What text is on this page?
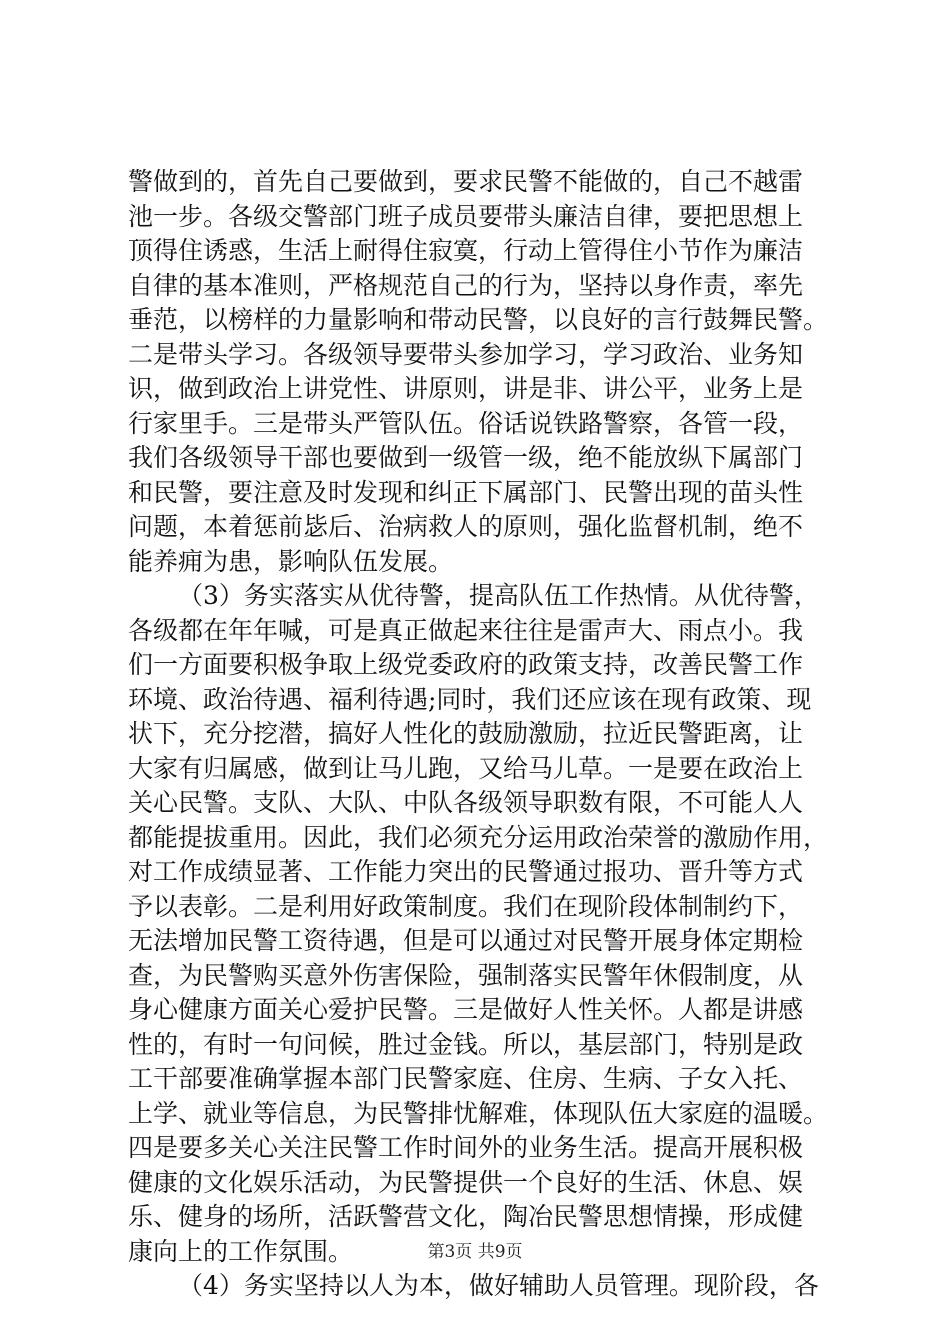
警做到的，首先自己要做到，要求民警不能做的，自己不越雷
池一步。各级交警部门班子成员要带头廉洁自律，要把思想上
顶得住诱惑，生活上耐得住寂寞，行动上管得住小节作为廉洁
自律的基本准则，严格规范自己的行为，坚持以身作责，率先
垂范，以榜样的力量影响和带动民警，以良好的言行鼓舞民警。
二是带头学习。各级领导要带头参加学习，学习政治、业务知
识，做到政治上讲党性、讲原则，讲是非、讲公平，业务上是
行家里手。三是带头严管队伍。俗话说铁路警察，各管一段，
我们各级领导干部也要做到一级管一级，绝不能放纵下属部门
和民警，要注意及时发现和纠正下属部门、民警出现的苗头性
问题，本着惩前毖后、治病救人的原则，强化监督机制，绝不
能养痈为患，影响队伍发展。
（3）务实落实从优待警，提高队伍工作热情。从优待警，
各级都在年年喊，可是真正做起来往往是雷声大、雨点小。我
们一方面要积极争取上级党委政府的政策支持，改善民警工作
环境、政治待遇、福利待遇;同时，我们还应该在现有政策、现
状下，充分挖潜，搞好人性化的鼓励激励，拉近民警距离，让
大家有归属感，做到让马儿跑，又给马儿草。一是要在政治上
关心民警。支队、大队、中队各级领导职数有限，不可能人人
都能提拔重用。因此，我们必须充分运用政治荣誉的激励作用，
对工作成绩显著、工作能力突出的民警通过报功、晋升等方式
予以表彰。二是利用好政策制度。我们在现阶段体制制约下，
无法增加民警工资待遇，但是可以通过对民警开展身体定期检
查，为民警购买意外伤害保险，强制落实民警年休假制度，从
身心健康方面关心爱护民警。三是做好人性关怀。人都是讲感
性的，有时一句问候，胜过金钱。所以，基层部门，特别是政
工干部要准确掌握本部门民警家庭、住房、生病、子女入托、
上学、就业等信息，为民警排忧解难，体现队伍大家庭的温暖。
四是要多关心关注民警工作时间外的业务生活。提高开展积极
健康的文化娱乐活动，为民警提供一个良好的生活、休息、娱
乐、健身的场所，活跃警营文化，陶冶民警思想情操，形成健
康向上的工作氛围。
（4）务实坚持以人为本，做好辅助人员管理。现阶段，各
第3页 共9页
